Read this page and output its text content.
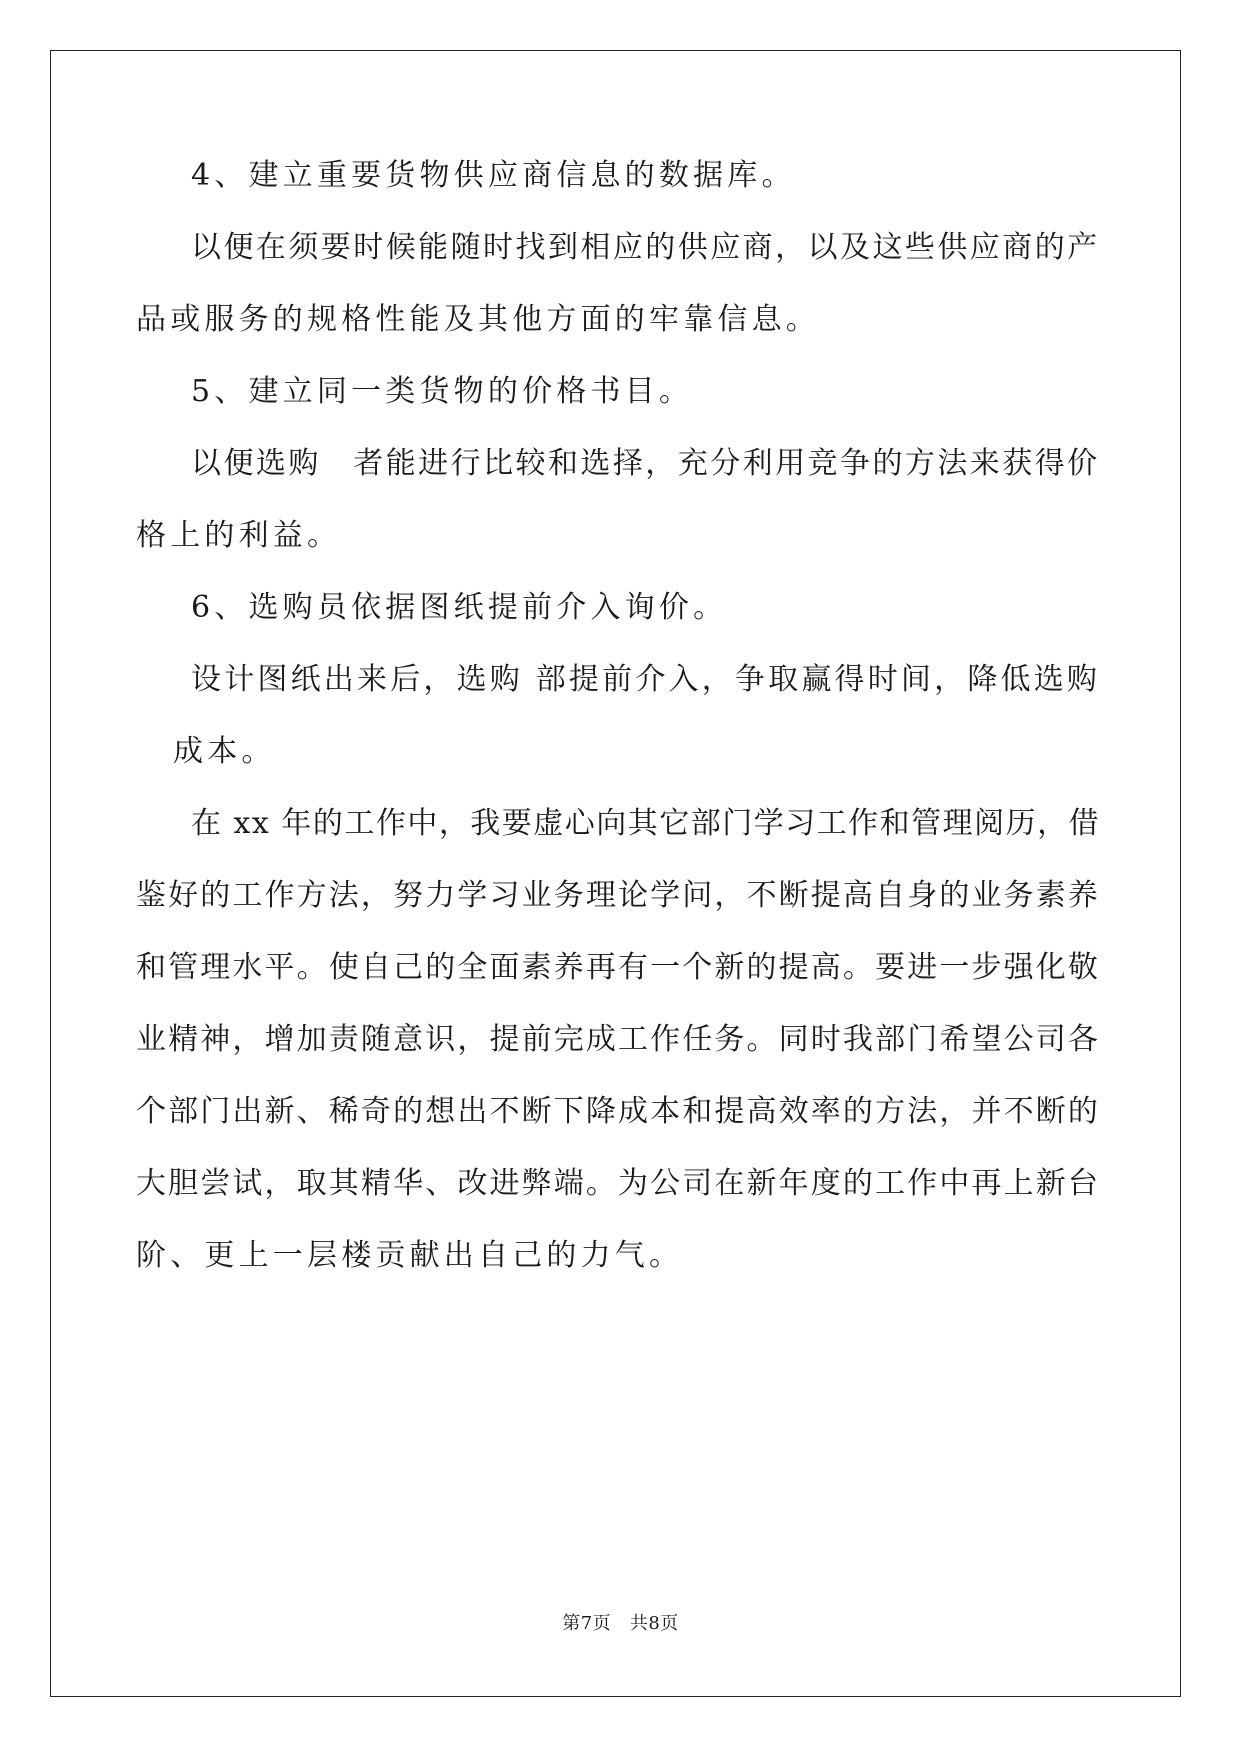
4、建立重要货物供应商信息的数据库。
以便在须要时候能随时找到相应的供应商，以及这些供应商的产
品或服务的规格性能及其他方面的牢靠信息。
5、建立同一类货物的价格书目。
以便选购　者能进行比较和选择，充分利用竞争的方法来获得价
格上的利益。
6、选购员依据图纸提前介入询价。
设计图纸出来后，选购 部提前介入，争取赢得时间，降低选购
成本。
在 xx 年的工作中，我要虚心向其它部门学习工作和管理阅历，借
鉴好的工作方法，努力学习业务理论学问，不断提高自身的业务素养
和管理水平。使自己的全面素养再有一个新的提高。要进一步强化敬
业精神，增加责随意识，提前完成工作任务。同时我部门希望公司各
个部门出新、稀奇的想出不断下降成本和提高效率的方法，并不断的
大胆尝试，取其精华、改进弊端。为公司在新年度的工作中再上新台
阶、更上一层楼贡献出自己的力气。
第7页   共8页
